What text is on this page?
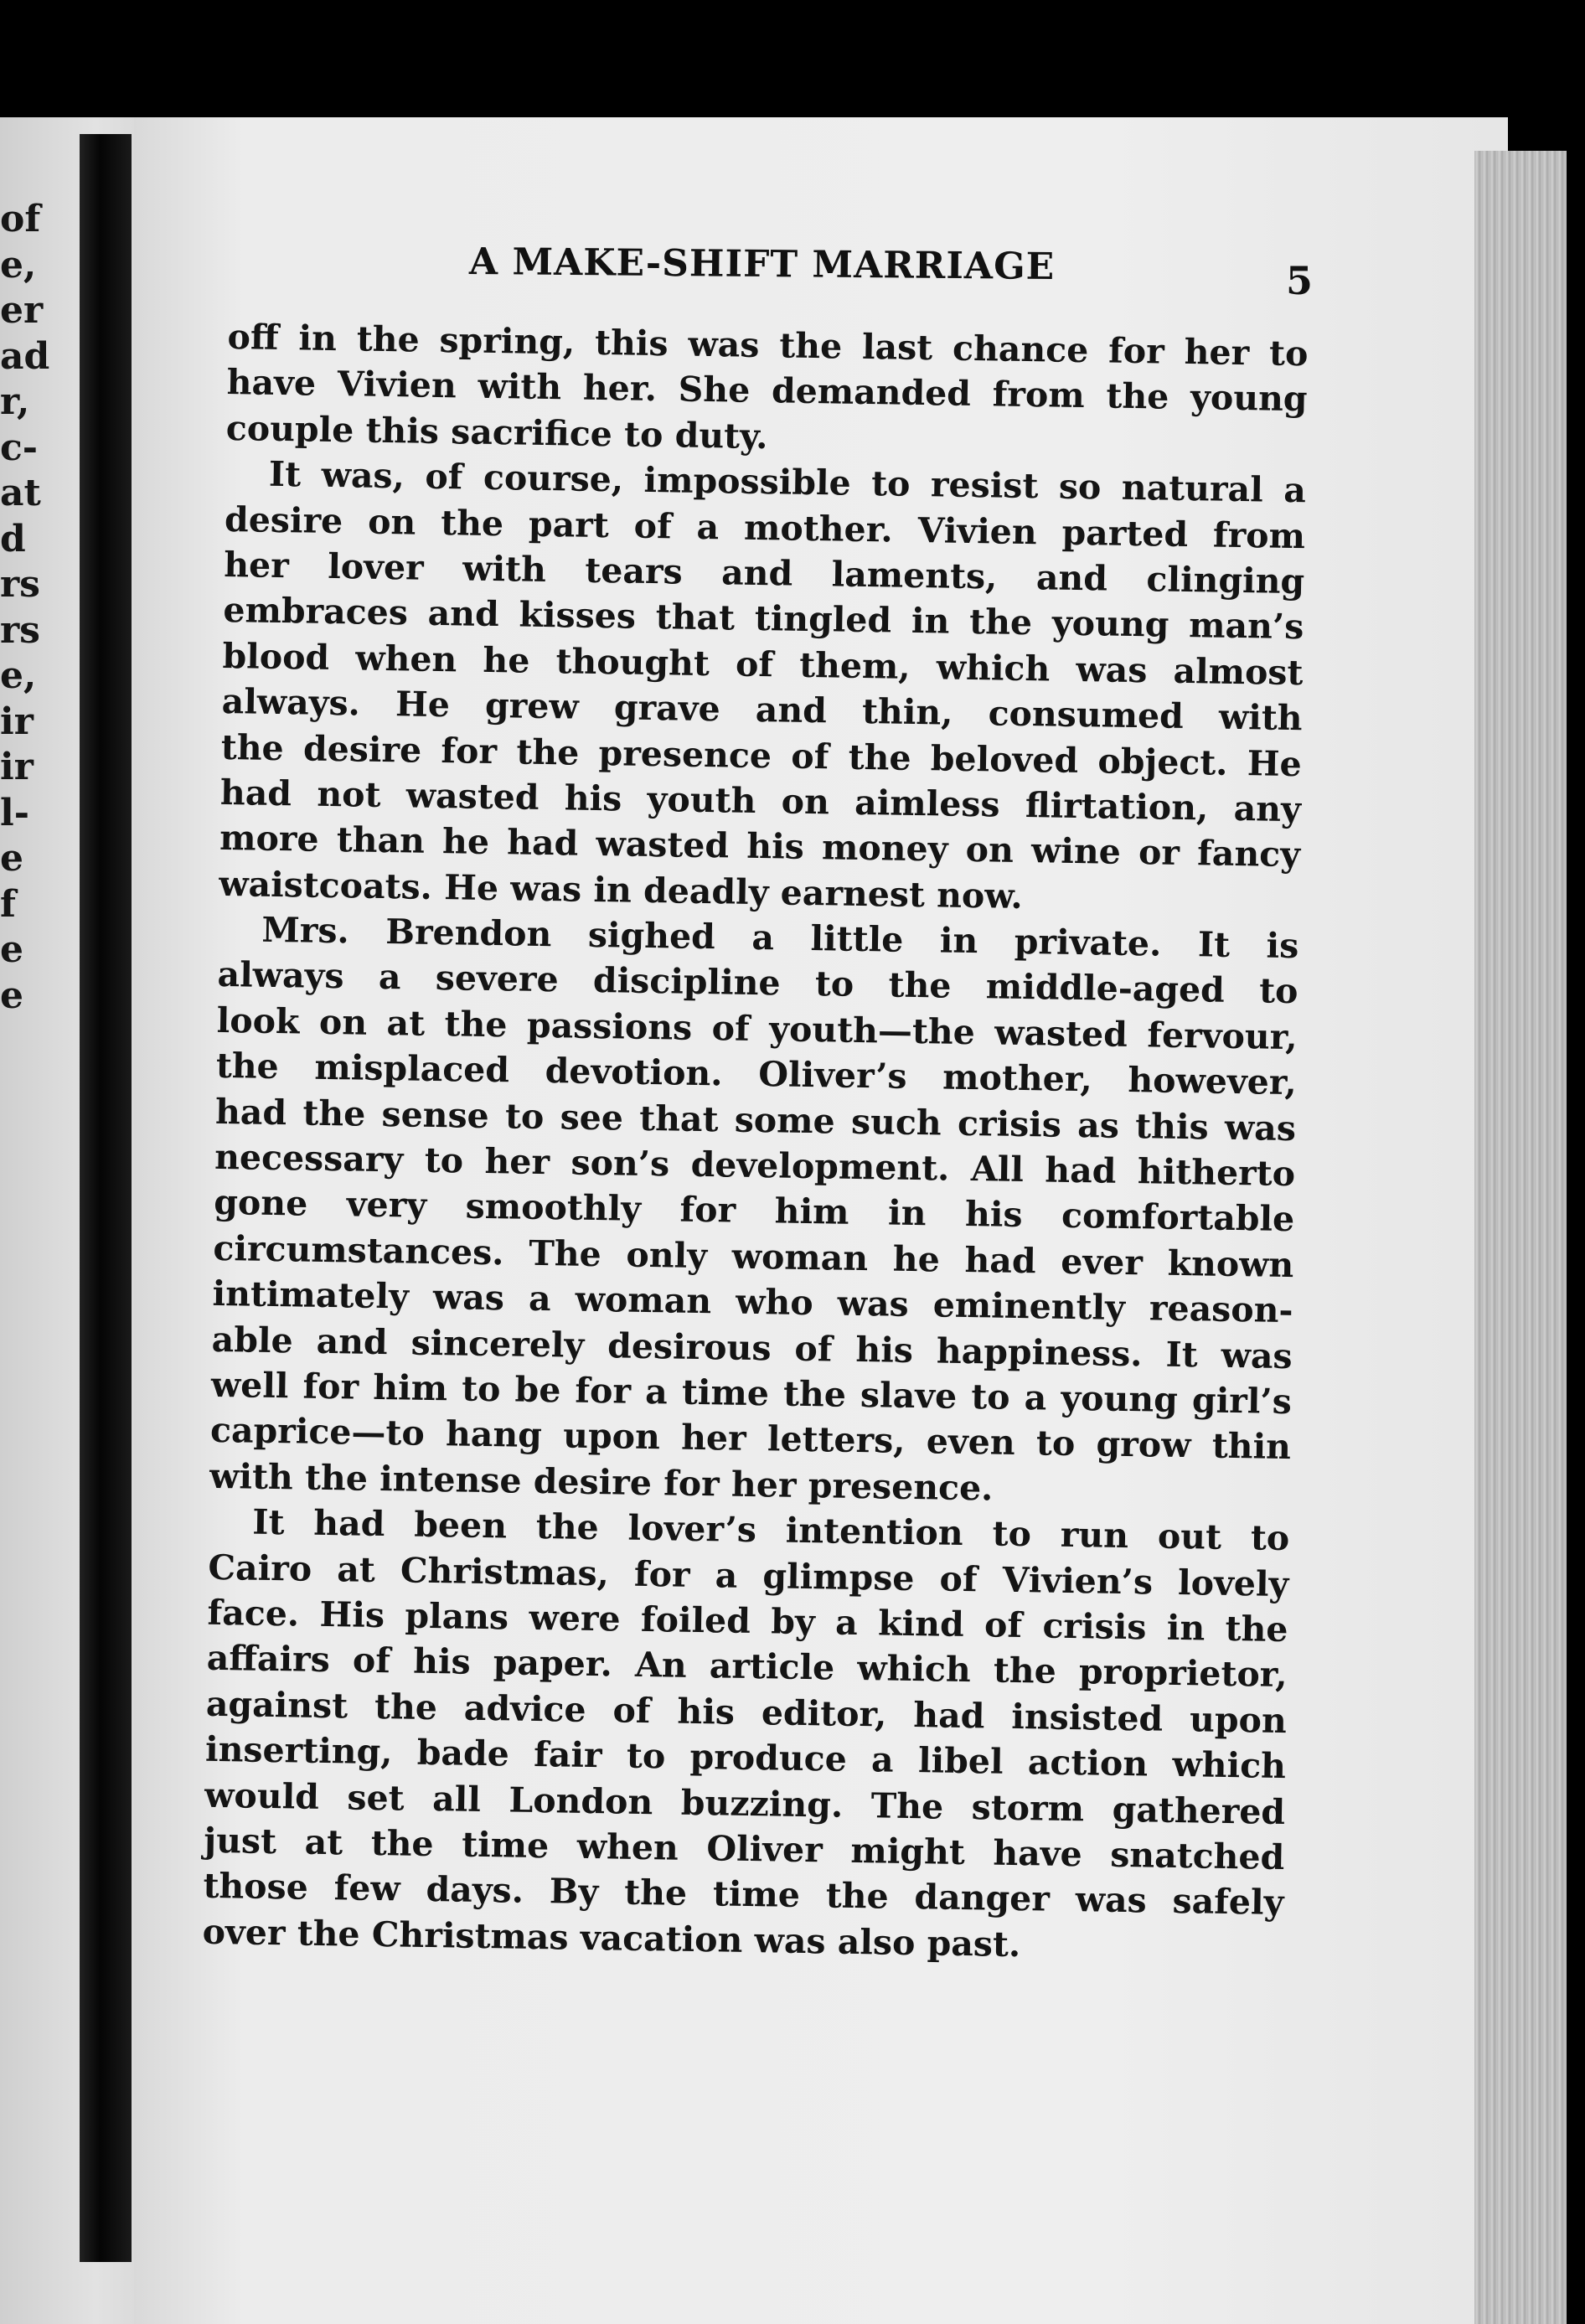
of
e,
er
ad
r,
c-
at
d
rs
rs
e,
ir
ir
l-
e
f
e
e
A MAKE-SHIFT MARRIAGE	5
off in the spring, this was the last chance for her to
have Vivien with her. She demanded from the young
couple this sacrifice to duty.
It was, of course, impossible to resist so natural a
desire on the part of a mother. Vivien parted from
her lover with tears and laments, and clinging
embraces and kisses that tingled in the young man’s
blood when he thought of them, which was almost
always. He grew grave and thin, consumed with
the desire for the presence of the beloved object. He
had not wasted his youth on aimless flirtation, any
more than he had wasted his money on wine or fancy
waistcoats. He was in deadly earnest now.
Mrs. Brendon sighed a little in private. It is
always a severe discipline to the middle-aged to
look on at the passions of youth—the wasted fervour,
the misplaced devotion. Oliver’s mother, however,
had the sense to see that some such crisis as this was
necessary to her son’s development. All had hitherto
gone very smoothly for him in his comfortable
circumstances. The only woman he had ever known
intimately was a woman who was eminently reason-
able and sincerely desirous of his happiness. It was
well for him to be for a time the slave to a young girl’s
caprice—to hang upon her letters, even to grow thin
with the intense desire for her presence.
It had been the lover’s intention to run out to
Cairo at Christmas, for a glimpse of Vivien’s lovely
face. His plans were foiled by a kind of crisis in the
affairs of his paper. An article which the proprietor,
against the advice of his editor, had insisted upon
inserting, bade fair to produce a libel action which
would set all London buzzing. The storm gathered
just at the time when Oliver might have snatched
those few days. By the time the danger was safely
over the Christmas vacation was also past.
